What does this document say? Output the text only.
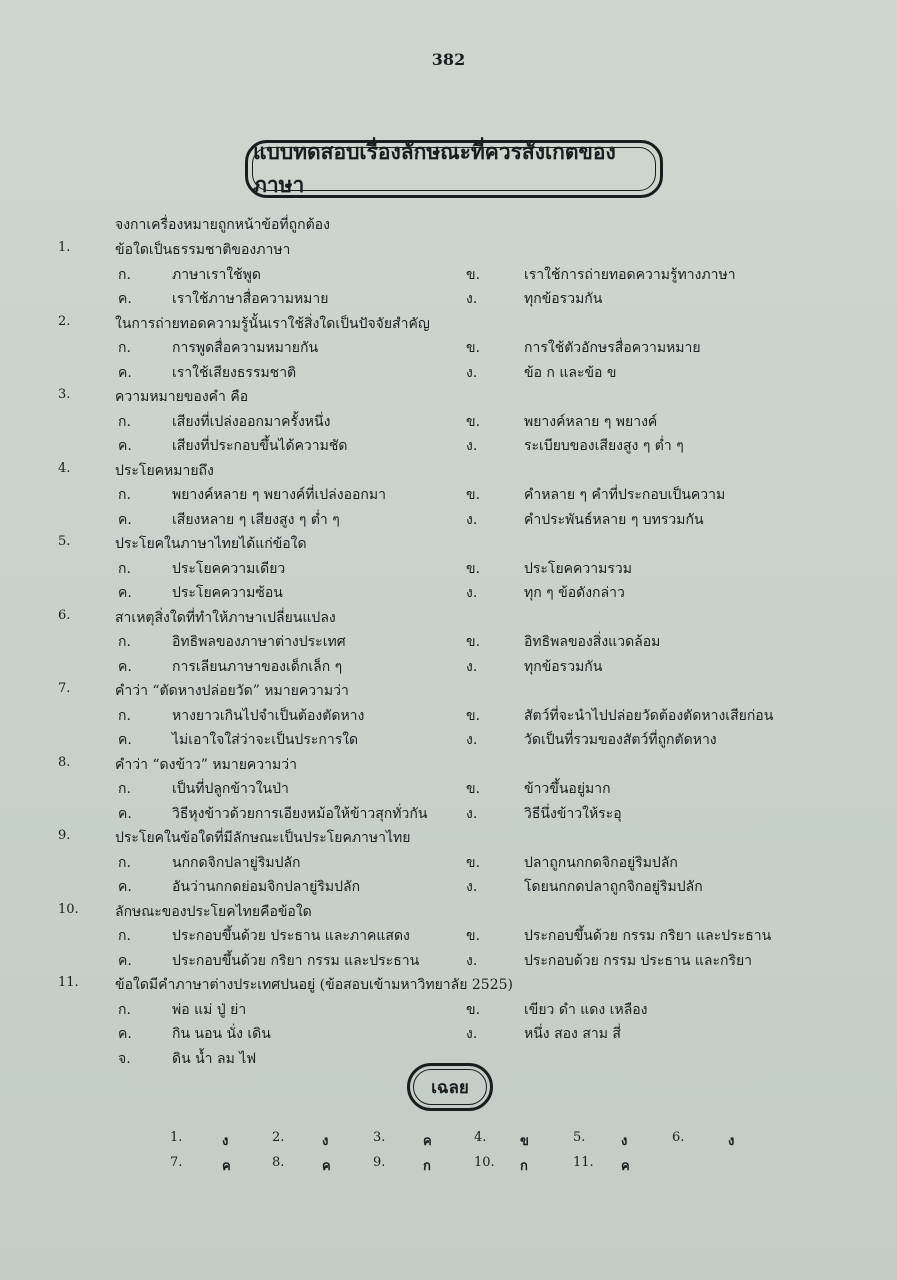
382
แบบทดสอบเรื่องลักษณะที่ควรสังเกตของภาษา
จงกาเครื่องหมายถูกหน้าข้อที่ถูกต้อง
1.	ข้อใดเป็นธรรมชาติของภาษา
ก.	ภาษาเราใช้พูด	ข.	เราใช้การถ่ายทอดความรู้ทางภาษา
ค.	เราใช้ภาษาสื่อความหมาย	ง.	ทุกข้อรวมกัน
2.	ในการถ่ายทอดความรู้นั้นเราใช้สิ่งใดเป็นปัจจัยสำคัญ
ก.	การพูดสื่อความหมายกัน	ข.	การใช้ตัวอักษรสื่อความหมาย
ค.	เราใช้เสียงธรรมชาติ	ง.	ข้อ ก และข้อ ข
3.	ความหมายของคำ คือ
ก.	เสียงที่เปล่งออกมาครั้งหนึ่ง	ข.	พยางค์หลาย ๆ พยางค์
ค.	เสียงที่ประกอบขึ้นได้ความชัด	ง.	ระเบียบของเสียงสูง ๆ ต่ำ ๆ
4.	ประโยคหมายถึง
ก.	พยางค์หลาย ๆ พยางค์ที่เปล่งออกมา	ข.	คำหลาย ๆ คำที่ประกอบเป็นความ
ค.	เสียงหลาย ๆ เสียงสูง ๆ ต่ำ ๆ	ง.	คำประพันธ์หลาย ๆ บทรวมกัน
5.	ประโยคในภาษาไทยได้แก่ข้อใด
ก.	ประโยคความเดียว	ข.	ประโยคความรวม
ค.	ประโยคความซ้อน	ง.	ทุก ๆ ข้อดังกล่าว
6.	สาเหตุสิ่งใดที่ทำให้ภาษาเปลี่ยนแปลง
ก.	อิทธิพลของภาษาต่างประเทศ	ข.	อิทธิพลของสิ่งแวดล้อม
ค.	การเลียนภาษาของเด็กเล็ก ๆ	ง.	ทุกข้อรวมกัน
7.	คำว่า “ตัดหางปล่อยวัด” หมายความว่า
ก.	หางยาวเกินไปจำเป็นต้องตัดหาง	ข.	สัตว์ที่จะนำไปปล่อยวัดต้องตัดหางเสียก่อน
ค.	ไม่เอาใจใส่ว่าจะเป็นประการใด	ง.	วัดเป็นที่รวมของสัตว์ที่ถูกตัดหาง
8.	คำว่า “ดงข้าว” หมายความว่า
ก.	เป็นที่ปลูกข้าวในป่า	ข.	ข้าวขึ้นอยู่มาก
ค.	วิธีหุงข้าวด้วยการเอียงหม้อให้ข้าวสุกทั่วกัน	ง.	วิธีนึ่งข้าวให้ระอุ
9.	ประโยคในข้อใดที่มีลักษณะเป็นประโยคภาษาไทย
ก.	นกกดจิกปลายู่ริมปลัก	ข.	ปลาถูกนกกดจิกอยู่ริมปลัก
ค.	อันว่านกกดย่อมจิกปลายู่ริมปลัก	ง.	โดยนกกดปลาถูกจิกอยู่ริมปลัก
10.	ลักษณะของประโยคไทยคือข้อใด
ก.	ประกอบขึ้นด้วย ประธาน และภาคแสดง	ข.	ประกอบขึ้นด้วย กรรม กริยา และประธาน
ค.	ประกอบขึ้นด้วย กริยา กรรม และประธาน	ง.	ประกอบด้วย กรรม ประธาน และกริยา
11.	ข้อใดมีคำภาษาต่างประเทศปนอยู่ (ข้อสอบเข้ามหาวิทยาลัย 2525)
ก.	พ่อ แม่ ปู่ ย่า	ข.	เขียว ดำ แดง เหลือง
ค.	กิน นอน นั่ง เดิน	ง.	หนึ่ง สอง สาม สี่
จ.	ดิน น้ำ ลม ไฟ
เฉลย
1.	ง	2.	ง	3.	ค	4.	ข	5.	ง	6.	ง
7.	ค	8.	ค	9.	ก	10. ก	11. ค
